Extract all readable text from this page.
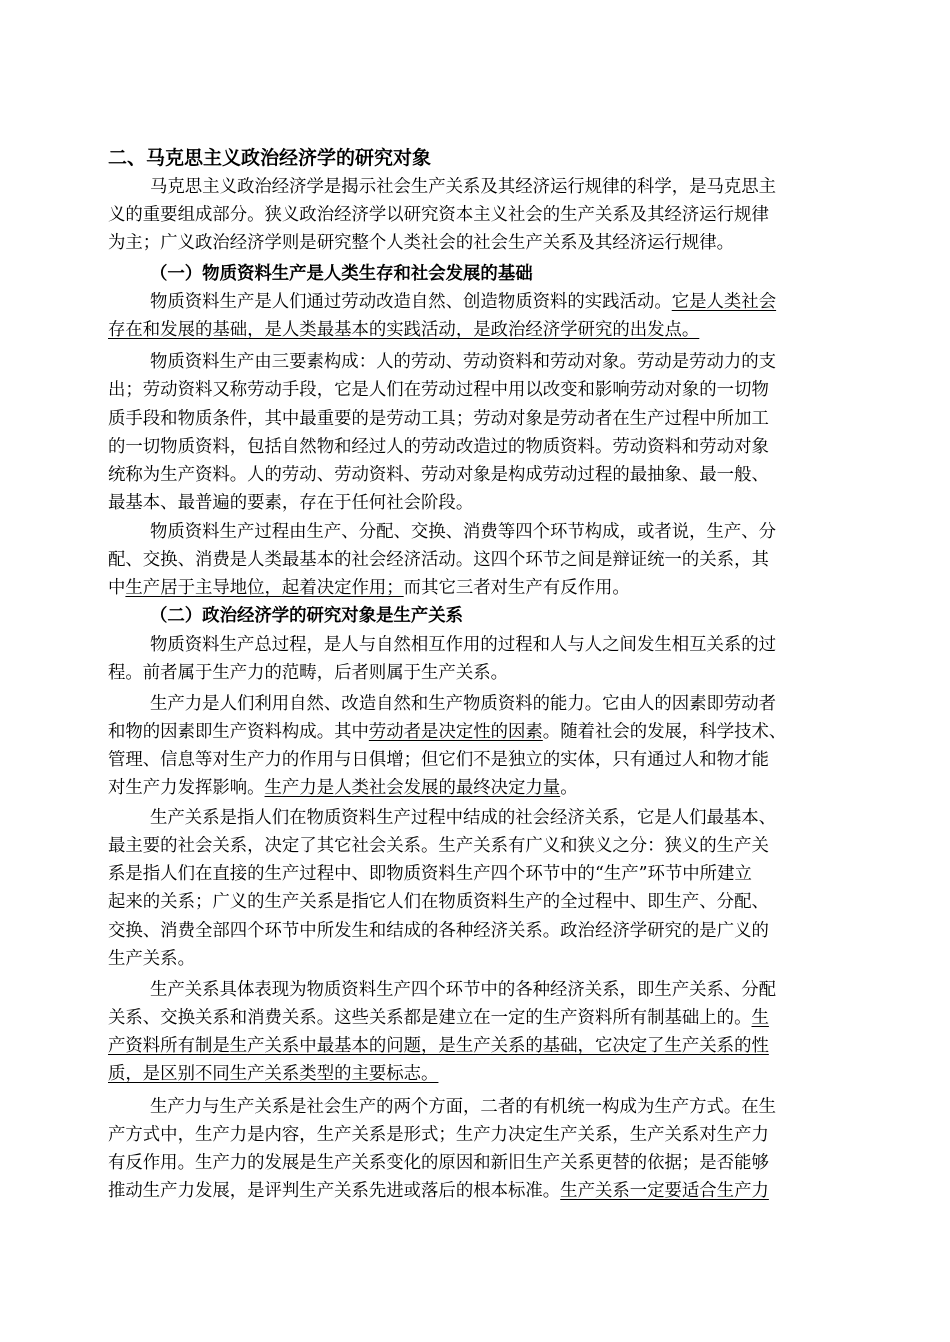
二、马克思主义政治经济学的研究对象
马克思主义政治经济学是揭示社会生产关系及其经济运行规律的科学，是马克思主
义的重要组成部分。狭义政治经济学以研究资本主义社会的生产关系及其经济运行规律
为主；广义政治经济学则是研究整个人类社会的社会生产关系及其经济运行规律。
（一）物质资料生产是人类生存和社会发展的基础
物质资料生产是人们通过劳动改造自然、创造物质资料的实践活动。它是人类社会
存在和发展的基础，是人类最基本的实践活动，是政治经济学研究的出发点。
物质资料生产由三要素构成：人的劳动、劳动资料和劳动对象。劳动是劳动力的支
出；劳动资料又称劳动手段，它是人们在劳动过程中用以改变和影响劳动对象的一切物
质手段和物质条件，其中最重要的是劳动工具；劳动对象是劳动者在生产过程中所加工
的一切物质资料，包括自然物和经过人的劳动改造过的物质资料。劳动资料和劳动对象
统称为生产资料。人的劳动、劳动资料、劳动对象是构成劳动过程的最抽象、最一般、
最基本、最普遍的要素，存在于任何社会阶段。
物质资料生产过程由生产、分配、交换、消费等四个环节构成，或者说，生产、分
配、交换、消费是人类最基本的社会经济活动。这四个环节之间是辩证统一的关系，其
中生产居于主导地位，起着决定作用；而其它三者对生产有反作用。
（二）政治经济学的研究对象是生产关系
物质资料生产总过程，是人与自然相互作用的过程和人与人之间发生相互关系的过
程。前者属于生产力的范畴，后者则属于生产关系。
生产力是人们利用自然、改造自然和生产物质资料的能力。它由人的因素即劳动者
和物的因素即生产资料构成。其中劳动者是决定性的因素。随着社会的发展，科学技术、
管理、信息等对生产力的作用与日俱增；但它们不是独立的实体，只有通过人和物才能
对生产力发挥影响。生产力是人类社会发展的最终决定力量。
生产关系是指人们在物质资料生产过程中结成的社会经济关系，它是人们最基本、
最主要的社会关系，决定了其它社会关系。生产关系有广义和狭义之分：狭义的生产关
系是指人们在直接的生产过程中、即物质资料生产四个环节中的“生产”环节中所建立
起来的关系；广义的生产关系是指它人们在物质资料生产的全过程中、即生产、分配、
交换、消费全部四个环节中所发生和结成的各种经济关系。政治经济学研究的是广义的
生产关系。
生产关系具体表现为物质资料生产四个环节中的各种经济关系，即生产关系、分配
关系、交换关系和消费关系。这些关系都是建立在一定的生产资料所有制基础上的。生
产资料所有制是生产关系中最基本的问题，是生产关系的基础，它决定了生产关系的性
质，是区别不同生产关系类型的主要标志。
生产力与生产关系是社会生产的两个方面，二者的有机统一构成为生产方式。在生
产方式中，生产力是内容，生产关系是形式；生产力决定生产关系，生产关系对生产力
有反作用。生产力的发展是生产关系变化的原因和新旧生产关系更替的依据；是否能够
推动生产力发展，是评判生产关系先进或落后的根本标准。生产关系一定要适合生产力
